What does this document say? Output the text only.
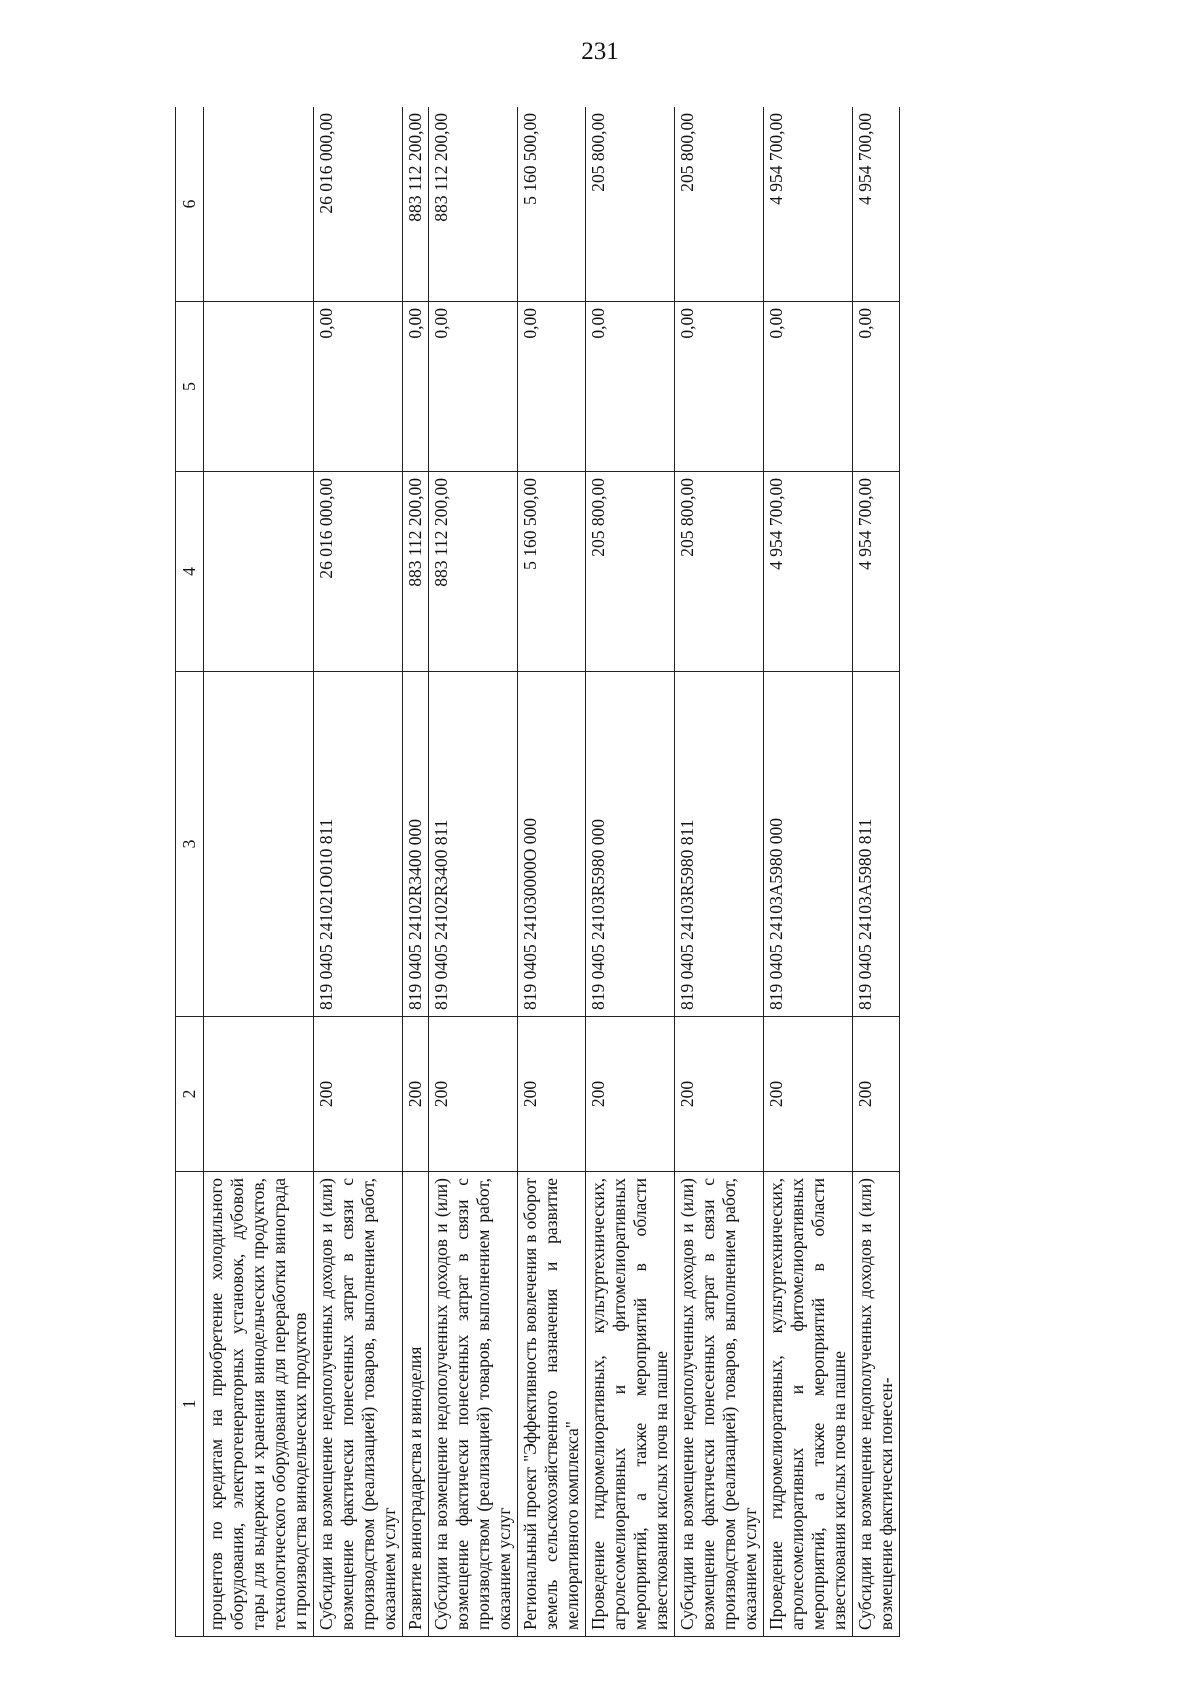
231
1	2	3	4	5	6
процентов по кредитам на приобретение холодильного оборудования, электрогенераторных установок, дубовой тары для выдержки и хранения винодельческих продуктов, технологического оборудования для переработки винограда и производства винодельческих продуктов					
Субсидии на возмещение недополученных доходов и (или) возмещение фактически понесенных затрат в связи с производством (реализацией) товаров, выполнением работ, оказанием услуг	200	819 0405 241021О010 811	26 016 000,00	0,00	26 016 000,00
Развитие виноградарства и виноделия	200	819 0405 24102R3400 000	883 112 200,00	0,00	883 112 200,00
Субсидии на возмещение недополученных доходов и (или) возмещение фактически понесенных затрат в связи с производством (реализацией) товаров, выполнением работ, оказанием услуг	200	819 0405 24102R3400 811	883 112 200,00	0,00	883 112 200,00
Региональный проект "Эффективность вовлечения в оборот земель сельскохозяйственного назначения и развитие мелиоративного комплекса"	200	819 0405 241030000О 000	5 160 500,00	0,00	5 160 500,00
Проведение гидромелиоративных, культуртехнических, агролесомелиоративных и фитомелиоративных мероприятий, а также мероприятий в области известкования кислых почв на пашне	200	819 0405 24103R5980 000	205 800,00	0,00	205 800,00
Субсидии на возмещение недополученных доходов и (или) возмещение фактически понесенных затрат в связи с производством (реализацией) товаров, выполнением работ, оказанием услуг	200	819 0405 24103R5980 811	205 800,00	0,00	205 800,00
Проведение гидромелиоративных, культуртехнических, агролесомелиоративных и фитомелиоративных мероприятий, а также мероприятий в области известкования кислых почв на пашне	200	819 0405 24103А5980 000	4 954 700,00	0,00	4 954 700,00
Субсидии на возмещение недополученных доходов и (или) возмещение фактически понесен-	200	819 0405 24103А5980 811	4 954 700,00	0,00	4 954 700,00
